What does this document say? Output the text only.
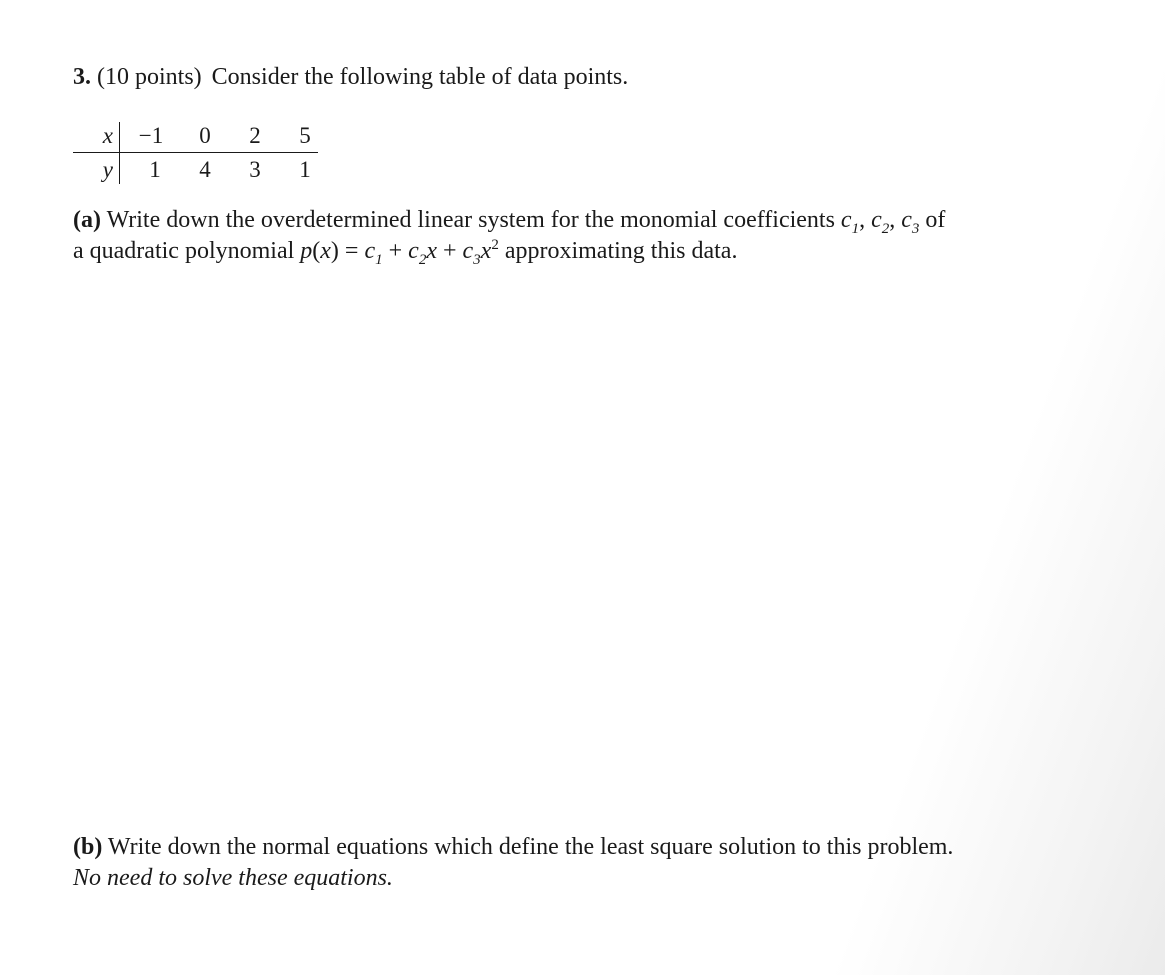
3. (10 points) Consider the following table of data points.
x	−1	0	2	5
y	1	4	3	1
(a) Write down the overdetermined linear system for the monomial coefficients $c_1$, $c_2$, $c_3$ of
a quadratic polynomial $p(x) = c_1 + c_2x + c_3x^2$ approximating this data.
(b) Write down the normal equations which define the least square solution to this problem.
No need to solve these equations.
